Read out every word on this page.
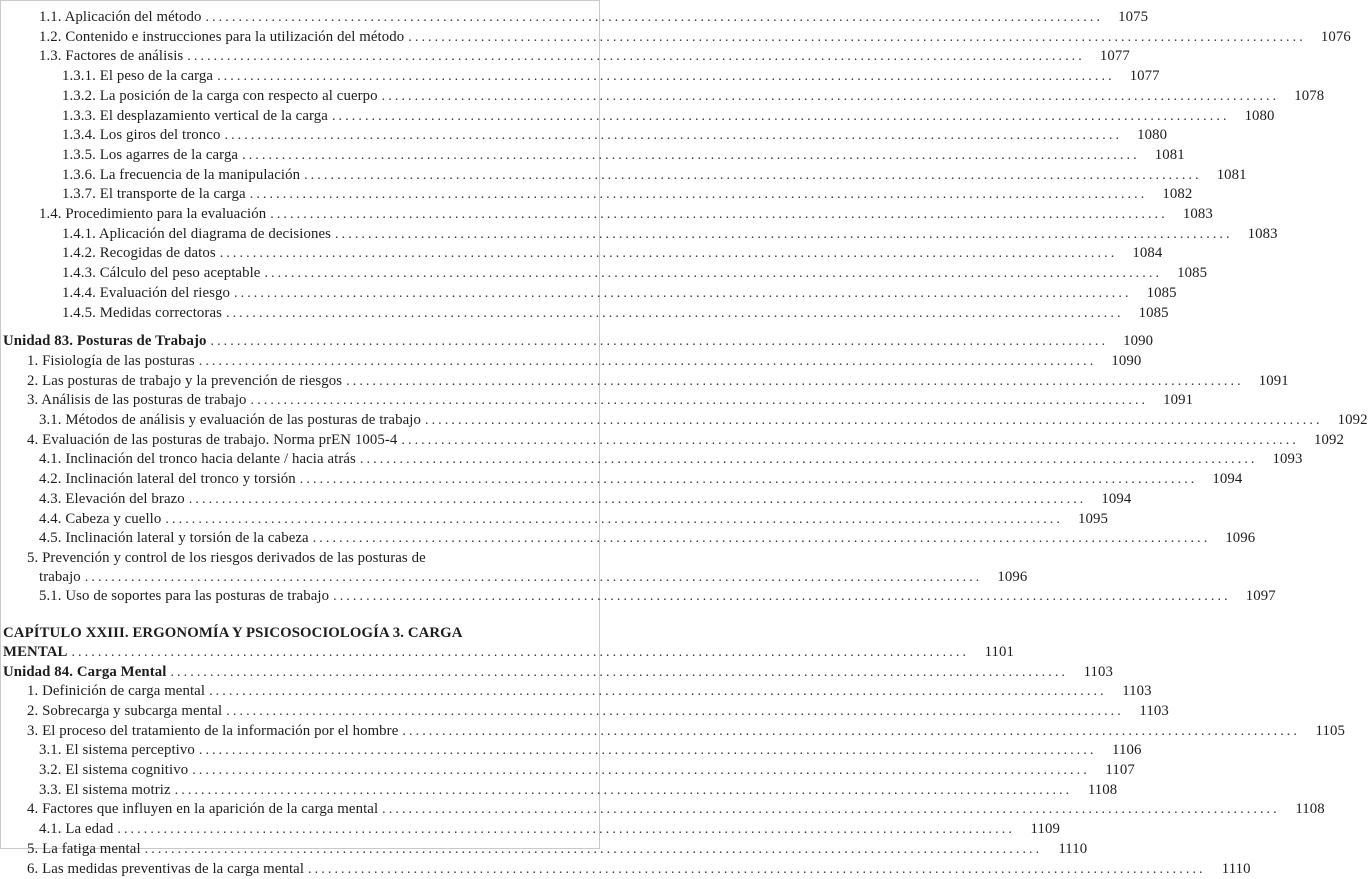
1.1. Aplicación del método .....	1075
1.2. Contenido e instrucciones para la utilización del método .....	1076
1.3. Factores de análisis .....	1077
1.3.1. El peso de la carga .....	1077
1.3.2. La posición de la carga con respecto al cuerpo .....	1078
1.3.3. El desplazamiento vertical de la carga .....	1080
1.3.4. Los giros del tronco .....	1080
1.3.5. Los agarres de la carga .....	1081
1.3.6. La frecuencia de la manipulación .....	1081
1.3.7. El transporte de la carga .....	1082
1.4. Procedimiento para la evaluación .....	1083
1.4.1. Aplicación del diagrama de decisiones .....	1083
1.4.2. Recogidas de datos .....	1084
1.4.3. Cálculo del peso aceptable .....	1085
1.4.4. Evaluación del riesgo .....	1085
1.4.5. Medidas correctoras .....	1085
Unidad 83. Posturas de Trabajo .....	1090
1. Fisiología de las posturas .....	1090
2. Las posturas de trabajo y la prevención de riesgos .....	1091
3. Análisis de las posturas de trabajo .....	1091
3.1. Métodos de análisis y evaluación de las posturas de trabajo .....	1092
4. Evaluación de las posturas de trabajo. Norma prEN 1005-4 .....	1092
4.1. Inclinación del tronco hacia delante / hacia atrás .....	1093
4.2. Inclinación lateral del tronco y torsión .....	1094
4.3. Elevación del brazo .....	1094
4.4. Cabeza y cuello .....	1095
4.5. Inclinación lateral y torsión de la cabeza .....	1096
5. Prevención y control de los riesgos derivados de las posturas de
trabajo .....	1096
5.1. Uso de soportes para las posturas de trabajo .....	1097
CAPÍTULO XXIII. ERGONOMÍA Y PSICOSOCIOLOGÍA 3. CARGA
MENTAL .....	1101
Unidad 84. Carga Mental .....	1103
1. Definición de carga mental .....	1103
2. Sobrecarga y subcarga mental .....	1103
3. El proceso del tratamiento de la información por el hombre .....	1105
3.1. El sistema perceptivo .....	1106
3.2. El sistema cognitivo .....	1107
3.3. El sistema motriz .....	1108
4. Factores que influyen en la aparición de la carga mental .....	1108
4.1. La edad .....	1109
5. La fatiga mental .....	1110
6. Las medidas preventivas de la carga mental .....	1110
